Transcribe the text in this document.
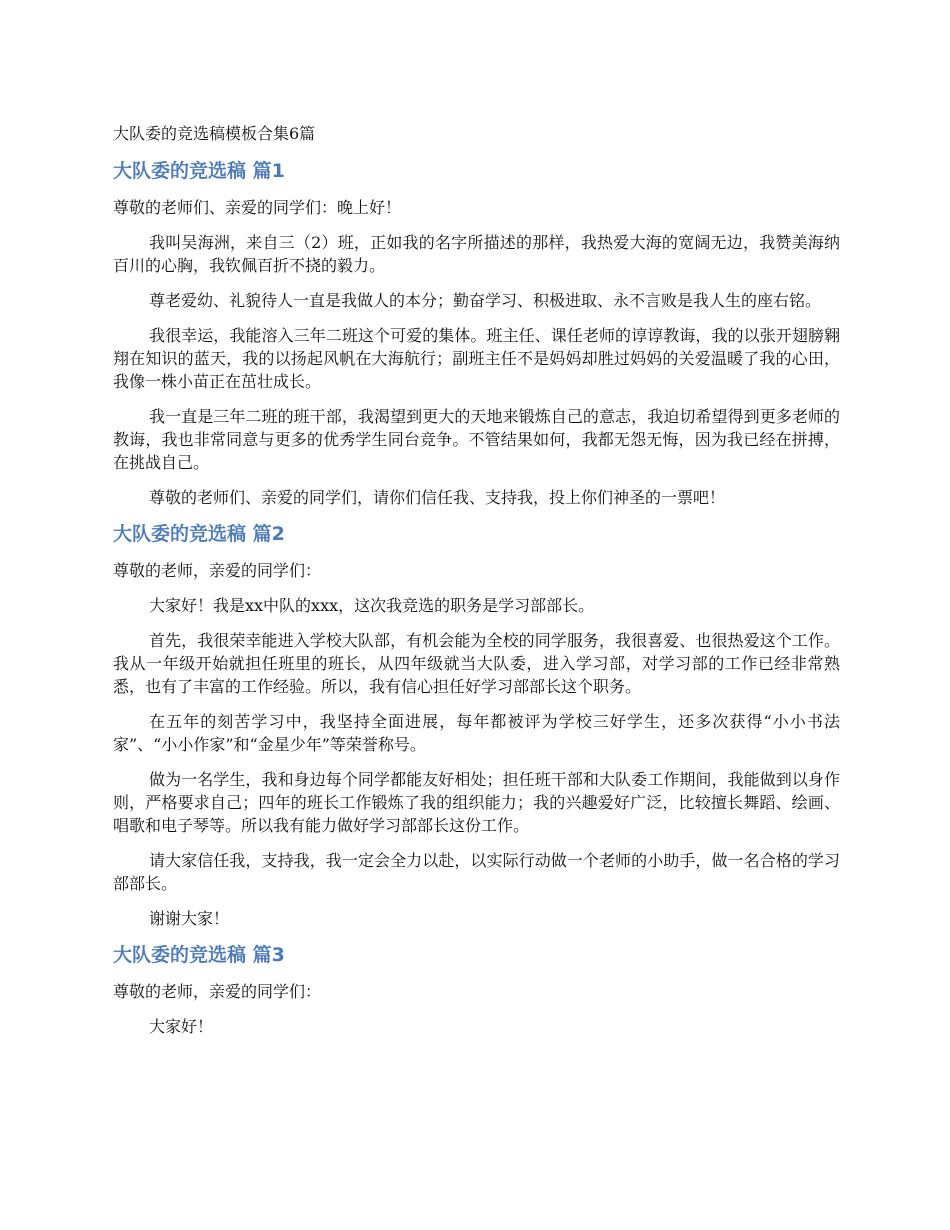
大队委的竞选稿模板合集6篇
大队委的竞选稿 篇1

尊敬的老师们、亲爱的同学们：晚上好！

我叫吴海洲，来自三（2）班，正如我的名字所描述的那样，我热爱大海的宽阔无边，我赞美海纳百川的心胸，我钦佩百折不挠的毅力。

尊老爱幼、礼貌待人一直是我做人的本分；勤奋学习、积极进取、永不言败是我人生的座右铭。

我很幸运，我能溶入三年二班这个可爱的集体。班主任、课任老师的谆谆教诲，我的以张开翅膀翱翔在知识的蓝天，我的以扬起风帆在大海航行；副班主任不是妈妈却胜过妈妈的关爱温暖了我的心田，我像一株小苗正在茁壮成长。

我一直是三年二班的班干部，我渴望到更大的天地来锻炼自己的意志，我迫切希望得到更多老师的教诲，我也非常同意与更多的优秀学生同台竞争。不管结果如何，我都无怨无悔，因为我已经在拼搏，在挑战自己。

尊敬的老师们、亲爱的同学们，请你们信任我、支持我，投上你们神圣的一票吧！

大队委的竞选稿 篇2

尊敬的老师，亲爱的同学们：

大家好！我是xx中队的xxx，这次我竞选的职务是学习部部长。

首先，我很荣幸能进入学校大队部，有机会能为全校的同学服务，我很喜爱、也很热爱这个工作。我从一年级开始就担任班里的班长，从四年级就当大队委，进入学习部，对学习部的工作已经非常熟悉，也有了丰富的工作经验。所以，我有信心担任好学习部部长这个职务。

在五年的刻苦学习中，我坚持全面进展，每年都被评为学校三好学生，还多次获得“小小书法家”、“小小作家”和“金星少年”等荣誉称号。

做为一名学生，我和身边每个同学都能友好相处；担任班干部和大队委工作期间，我能做到以身作则，严格要求自己；四年的班长工作锻炼了我的组织能力；我的兴趣爱好广泛，比较擅长舞蹈、绘画、唱歌和电子琴等。所以我有能力做好学习部部长这份工作。

请大家信任我，支持我，我一定会全力以赴，以实际行动做一个老师的小助手，做一名合格的学习部部长。

谢谢大家！

大队委的竞选稿 篇3

尊敬的老师，亲爱的同学们：

大家好！
